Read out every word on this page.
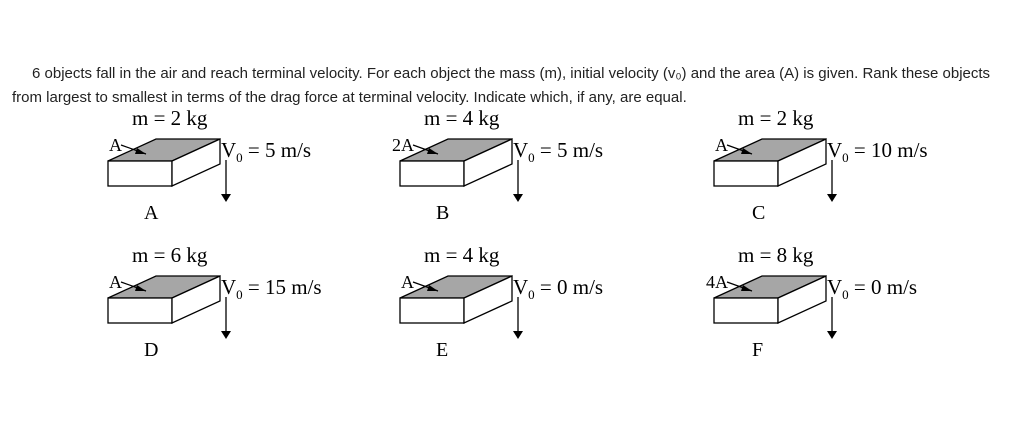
6 objects fall in the air and reach terminal velocity. For each object the mass (m), initial velocity (v₀) and the area (A) is given. Rank these objects from largest to smallest in terms of the drag force at terminal velocity. Indicate which, if any, are equal.

m = 2 kg
A	$V_0 = 5$ m/s
A
m = 4 kg
2A	$V_0 = 5$ m/s
B
m = 2 kg
A	$V_0 = 10$ m/s
C
m = 6 kg
A	$V_0 = 15$ m/s
D
m = 4 kg
A	$V_0 = 0$ m/s
E
m = 8 kg
4A	$V_0 = 0$ m/s
F
